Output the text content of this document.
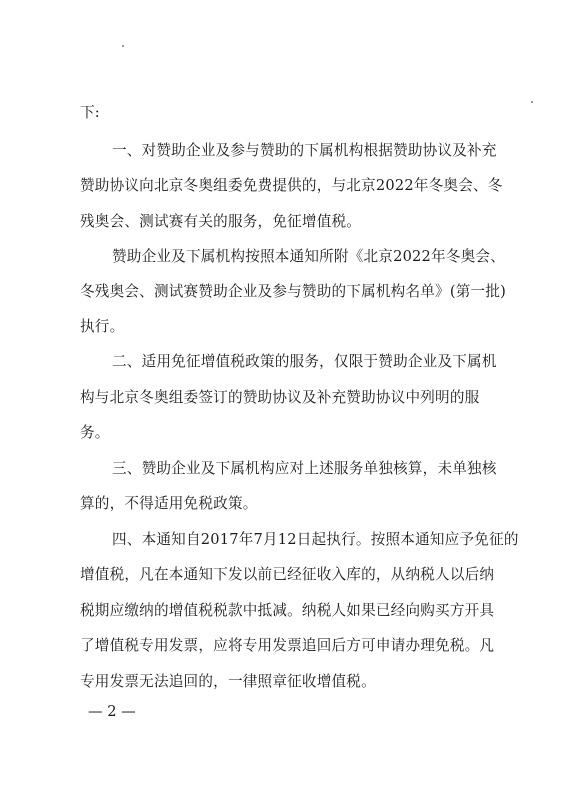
下:
一、对赞助企业及参与赞助的下属机构根据赞助协议及补充
赞助协议向北京冬奥组委免费提供的，与北京2022年冬奥会、冬
残奥会、测试赛有关的服务，免征增值税。
赞助企业及下属机构按照本通知所附《北京2022年冬奥会、
冬残奥会、测试赛赞助企业及参与赞助的下属机构名单》(第一批)
执行。
二、适用免征增值税政策的服务，仅限于赞助企业及下属机
构与北京冬奥组委签订的赞助协议及补充赞助协议中列明的服
务。
三、赞助企业及下属机构应对上述服务单独核算，未单独核
算的，不得适用免税政策。
四、本通知自2017年7月12日起执行。按照本通知应予免征的
增值税，凡在本通知下发以前已经征收入库的，从纳税人以后纳
税期应缴纳的增值税税款中抵减。纳税人如果已经向购买方开具
了增值税专用发票，应将专用发票追回后方可申请办理免税。凡
专用发票无法追回的，一律照章征收增值税。
— 2 —
